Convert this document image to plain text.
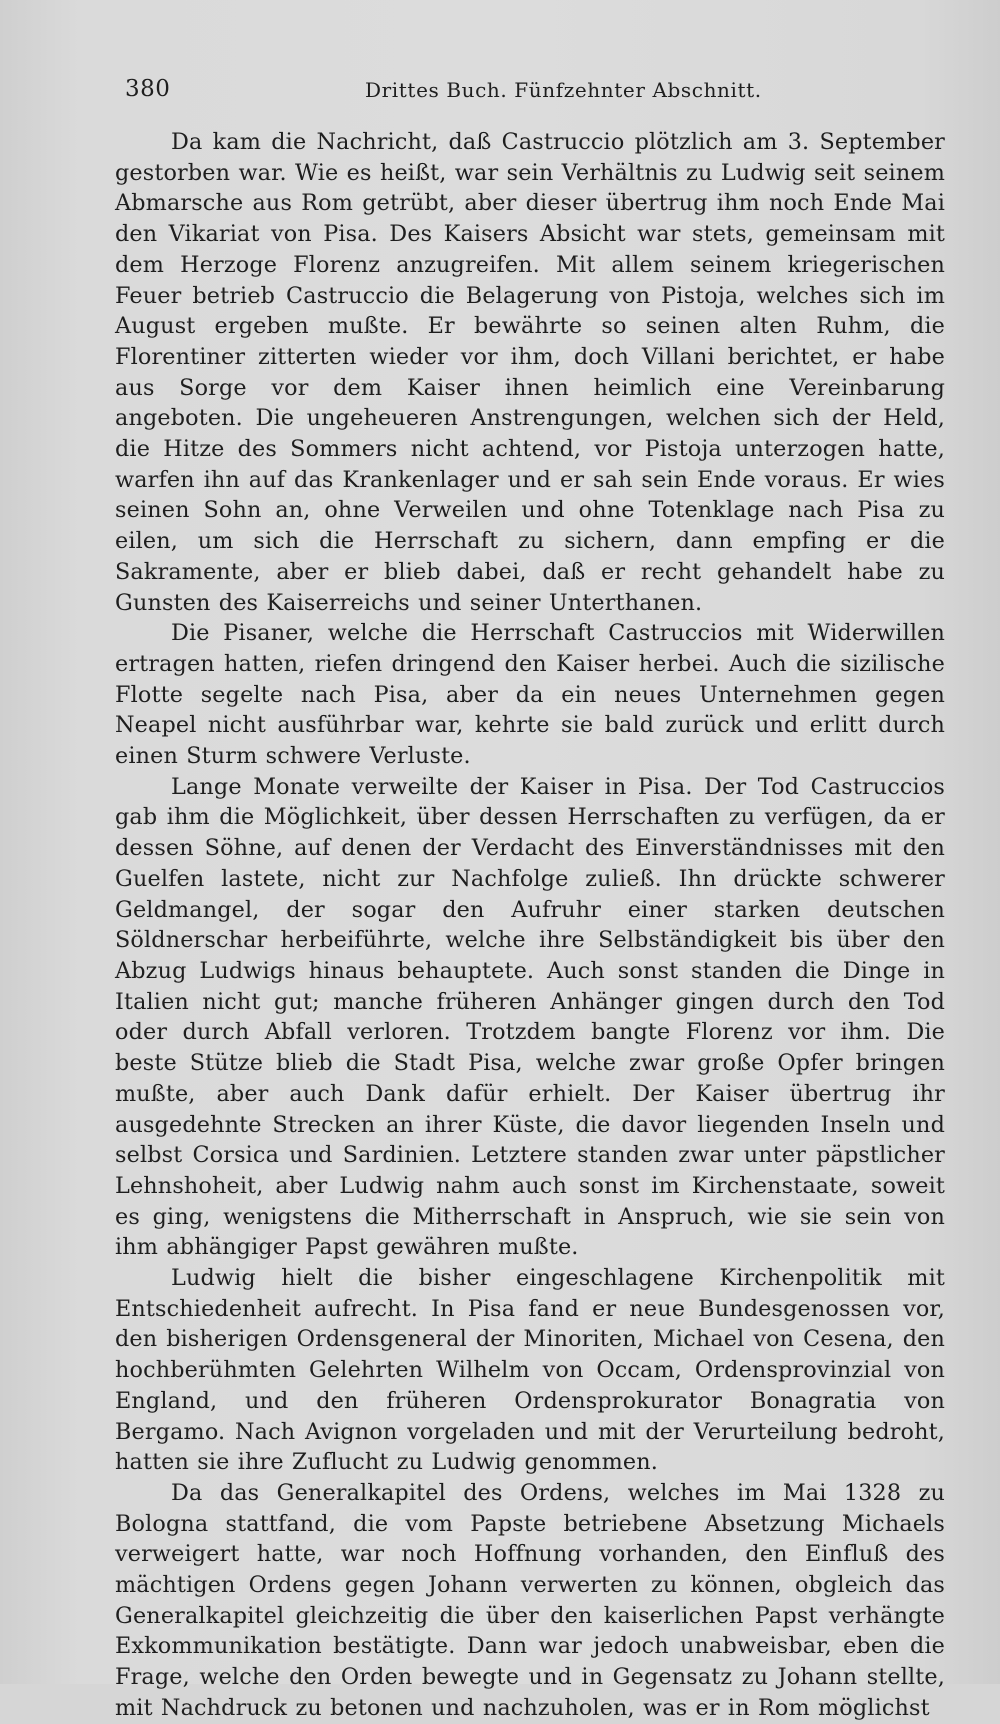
380	Drittes Buch. Fünfzehnter Abschnitt.

Da kam die Nachricht, daß Castruccio plötzlich am 3. September gestorben war. Wie es heißt, war sein Verhältnis zu Ludwig seit seinem Abmarsche aus Rom getrübt, aber dieser übertrug ihm noch Ende Mai den Vikariat von Pisa. Des Kaisers Absicht war stets, gemeinsam mit dem Herzoge Florenz anzugreifen. Mit allem seinem kriegerischen Feuer betrieb Castruccio die Belagerung von Pistoja, welches sich im August ergeben mußte. Er bewährte so seinen alten Ruhm, die Florentiner zitterten wieder vor ihm, doch Villani berichtet, er habe aus Sorge vor dem Kaiser ihnen heimlich eine Vereinbarung angeboten. Die ungeheueren Anstrengungen, welchen sich der Held, die Hitze des Sommers nicht achtend, vor Pistoja unterzogen hatte, warfen ihn auf das Krankenlager und er sah sein Ende voraus. Er wies seinen Sohn an, ohne Verweilen und ohne Totenklage nach Pisa zu eilen, um sich die Herrschaft zu sichern, dann empfing er die Sakramente, aber er blieb dabei, daß er recht gehandelt habe zu Gunsten des Kaiserreichs und seiner Unterthanen.

Die Pisaner, welche die Herrschaft Castruccios mit Widerwillen ertragen hatten, riefen dringend den Kaiser herbei. Auch die sizilische Flotte segelte nach Pisa, aber da ein neues Unternehmen gegen Neapel nicht ausführbar war, kehrte sie bald zurück und erlitt durch einen Sturm schwere Verluste.

Lange Monate verweilte der Kaiser in Pisa. Der Tod Castruccios gab ihm die Möglichkeit, über dessen Herrschaften zu verfügen, da er dessen Söhne, auf denen der Verdacht des Einverständnisses mit den Guelfen lastete, nicht zur Nachfolge zuließ. Ihn drückte schwerer Geldmangel, der sogar den Aufruhr einer starken deutschen Söldnerschar herbeiführte, welche ihre Selbständigkeit bis über den Abzug Ludwigs hinaus behauptete. Auch sonst standen die Dinge in Italien nicht gut; manche früheren Anhänger gingen durch den Tod oder durch Abfall verloren. Trotzdem bangte Florenz vor ihm. Die beste Stütze blieb die Stadt Pisa, welche zwar große Opfer bringen mußte, aber auch Dank dafür erhielt. Der Kaiser übertrug ihr ausgedehnte Strecken an ihrer Küste, die davor liegenden Inseln und selbst Corsica und Sardinien. Letztere standen zwar unter päpstlicher Lehnshoheit, aber Ludwig nahm auch sonst im Kirchenstaate, soweit es ging, wenigstens die Mitherrschaft in Anspruch, wie sie sein von ihm abhängiger Papst gewähren mußte.

Ludwig hielt die bisher eingeschlagene Kirchenpolitik mit Entschiedenheit aufrecht. In Pisa fand er neue Bundesgenossen vor, den bisherigen Ordensgeneral der Minoriten, Michael von Cesena, den hochberühmten Gelehrten Wilhelm von Occam, Ordensprovinzial von England, und den früheren Ordensprokurator Bonagratia von Bergamo. Nach Avignon vorgeladen und mit der Verurteilung bedroht, hatten sie ihre Zuflucht zu Ludwig genommen.

Da das Generalkapitel des Ordens, welches im Mai 1328 zu Bologna stattfand, die vom Papste betriebene Absetzung Michaels verweigert hatte, war noch Hoffnung vorhanden, den Einfluß des mächtigen Ordens gegen Johann verwerten zu können, obgleich das Generalkapitel gleichzeitig die über den kaiserlichen Papst verhängte Exkommunikation bestätigte. Dann war jedoch unabweisbar, eben die Frage, welche den Orden bewegte und in Gegensatz zu Johann stellte, mit Nachdruck zu betonen und nachzuholen, was er in Rom möglichst
